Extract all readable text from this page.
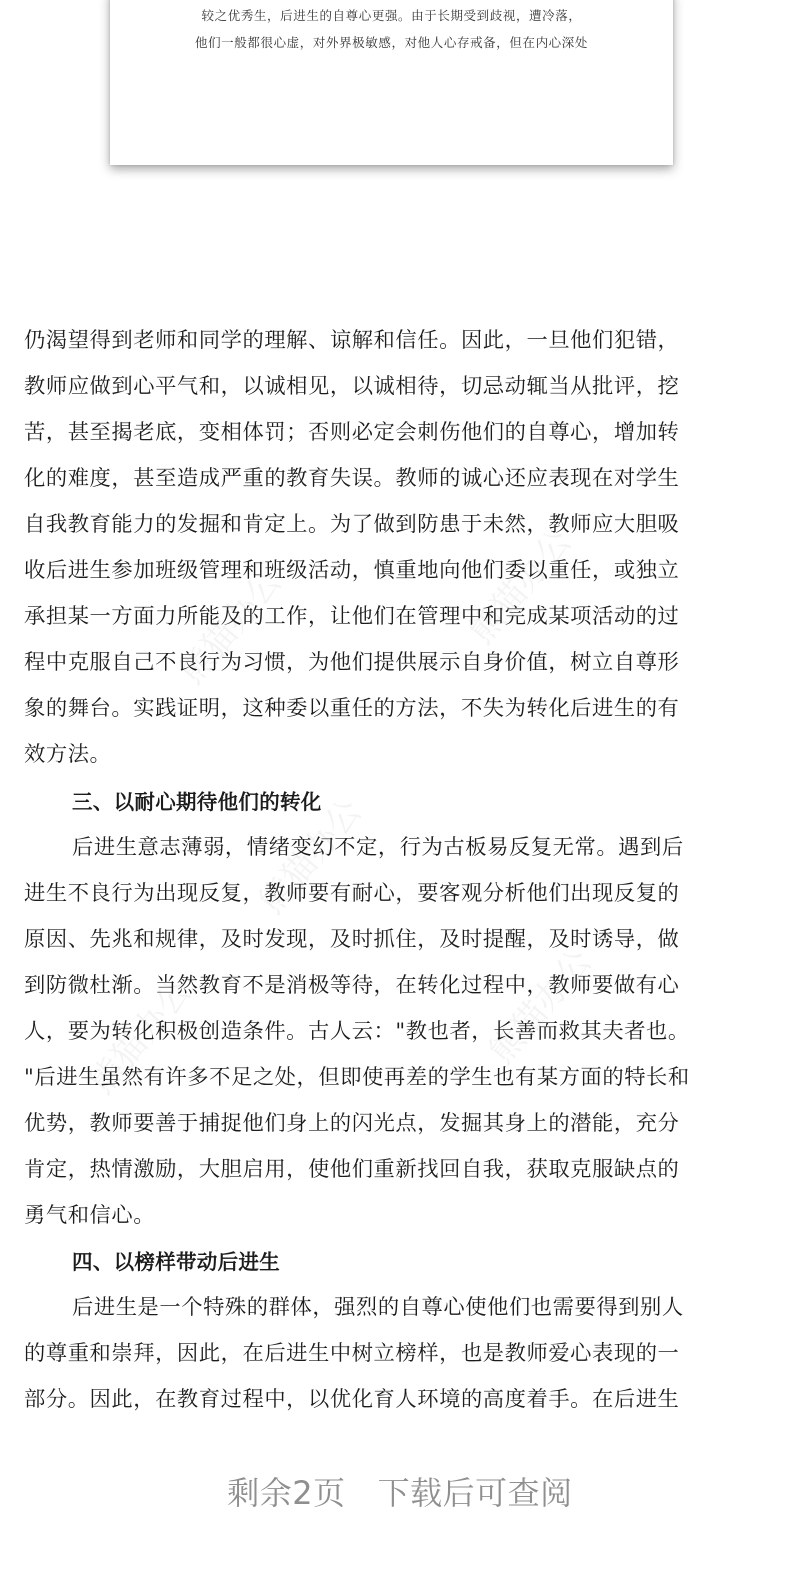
较之优秀生，后进生的自尊心更强。由于长期受到歧视，遭冷落，
他们一般都很心虚，对外界极敏感，对他人心存戒备，但在内心深处
熊猫办公	熊猫办公
熊猫办公
熊猫办公
熊猫办公
仍渴望得到老师和同学的理解、谅解和信任。因此，一旦他们犯错，
教师应做到心平气和，以诚相见，以诚相待，切忌动辄当从批评，挖
苦，甚至揭老底，变相体罚；否则必定会刺伤他们的自尊心，增加转
化的难度，甚至造成严重的教育失误。教师的诚心还应表现在对学生
自我教育能力的发掘和肯定上。为了做到防患于未然，教师应大胆吸
收后进生参加班级管理和班级活动，慎重地向他们委以重任，或独立
承担某一方面力所能及的工作，让他们在管理中和完成某项活动的过
程中克服自己不良行为习惯，为他们提供展示自身价值，树立自尊形
象的舞台。实践证明，这种委以重任的方法，不失为转化后进生的有
效方法。
三、以耐心期待他们的转化
后进生意志薄弱，情绪变幻不定，行为古板易反复无常。遇到后
进生不良行为出现反复，教师要有耐心，要客观分析他们出现反复的
原因、先兆和规律，及时发现，及时抓住，及时提醒，及时诱导，做
到防微杜渐。当然教育不是消极等待，在转化过程中，教师要做有心
人，要为转化积极创造条件。古人云："教也者，长善而救其夫者也。
"后进生虽然有许多不足之处，但即使再差的学生也有某方面的特长和
优势，教师要善于捕捉他们身上的闪光点，发掘其身上的潜能，充分
肯定，热情激励，大胆启用，使他们重新找回自我，获取克服缺点的
勇气和信心。
四、以榜样带动后进生
后进生是一个特殊的群体，强烈的自尊心使他们也需要得到别人
的尊重和崇拜，因此，在后进生中树立榜样，也是教师爱心表现的一
部分。因此，在教育过程中，以优化育人环境的高度着手。在后进生
剩余2页 下载后可查阅
